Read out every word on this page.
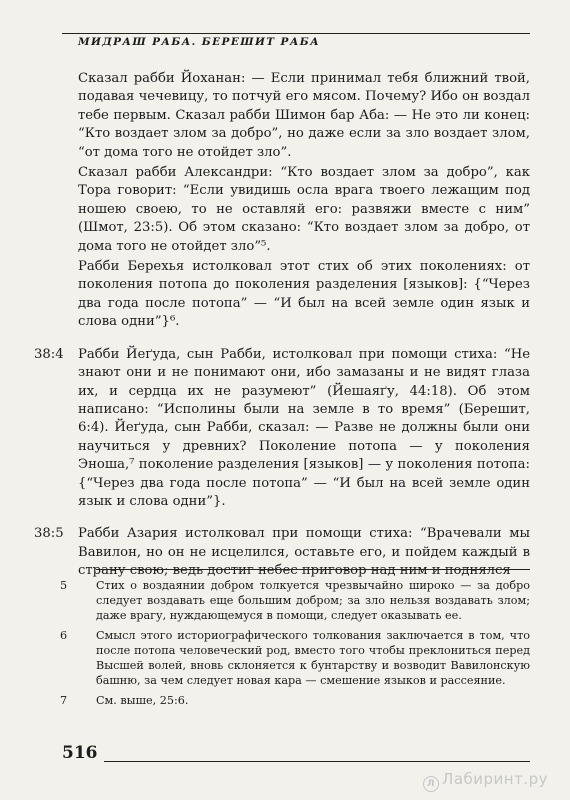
МИДРАШ РАБА. БЕРЕШИТ РАБА

Сказал рабби Йоханан: — Если принимал тебя ближний твой, подавая чечевицу, то потчуй его мясом. Почему? Ибо он воздал тебе первым. Сказал рабби Шимон бар Аба: — Не это ли конец: “Кто воздает злом за добро”, но даже если за зло воздает злом, “от дома того не отойдет зло”.

Сказал рабби Александри: “Кто воздает злом за добро”, как Тора говорит: “Если увидишь осла врага твоего лежащим под ношею своею, то не оставляй его: развяжи вместе с ним” (Шмот, 23:5). Об этом сказано: “Кто воздает злом за добро, от дома того не отойдет зло”⁵.

Рабби Берехья истолковал этот стих об этих поколениях: от поколения потопа до поколения разделения [языков]: {“Через два года после потопа” — “И был на всей земле один язык и слова одни”}⁶.

38:4 Рабби Йеґуда, сын Рабби, истолковал при помощи стиха: “Не знают они и не понимают они, ибо замазаны и не видят глаза их, и сердца их не разумеют” (Йешаяґу, 44:18). Об этом написано: “Исполины были на земле в то время” (Берешит, 6:4). Йеґуда, сын Рабби, сказал: — Разве не должны были они научиться у древних? Поколение потопа — у поколения Эноша,⁷ поколение разделения [языков] — у поколения потопа: {“Через два года после потопа” — “И был на всей земле один язык и слова одни”}.

38:5 Рабби Азария истолковал при помощи стиха: “Врачевали мы Вавилон, но он не исцелился, оставьте его, и пойдем каждый в страну свою; ведь достиг небес приговор над ним и поднялся

5	Стих о воздаянии добром толкуется чрезвычайно широко — за добро следует воздавать еще большим добром; за зло нельзя воздавать злом; даже врагу, нуждающемуся в помощи, следует оказывать ее.
6	Смысл этого историографического толкования заключается в том, что после потопа человеческий род, вместо того чтобы преклониться перед Высшей волей, вновь склоняется к бунтарству и возводит Вавилонскую башню, за чем следует новая кара — смешение языков и рассеяние.
7	См. выше, 25:6.
516
Л Лабиринт.ру
